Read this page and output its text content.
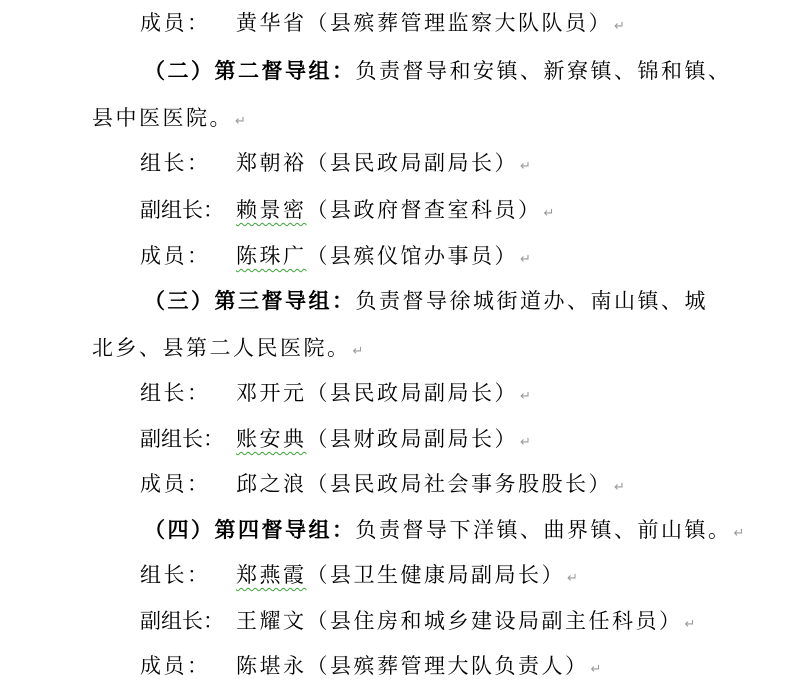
成 员： 黄华省（县殡葬管理监察大队队员） ↵
（二）第二督导组：负责督导和安镇、新寮镇、锦和镇、
县中医医院。 ↵
组 长： 郑朝裕（县民政局副局长） ↵
副组长： 赖景密（县政府督查室科员） ↵
成 员： 陈珠广（县殡仪馆办事员） ↵
（三）第三督导组：负责督导徐城街道办、南山镇、城
北乡、县第二人民医院。 ↵
组 长： 邓开元（县民政局副局长） ↵
副组长： 账安典（县财政局副局长） ↵
成 员： 邱之浪（县民政局社会事务股股长） ↵
（四）第四督导组：负责督导下洋镇、曲界镇、前山镇。 ↵
组 长： 郑燕霞（县卫生健康局副局长） ↵
副组长： 王耀文（县住房和城乡建设局副主任科员） ↵
成 员： 陈堪永（县殡葬管理大队负责人） ↵
